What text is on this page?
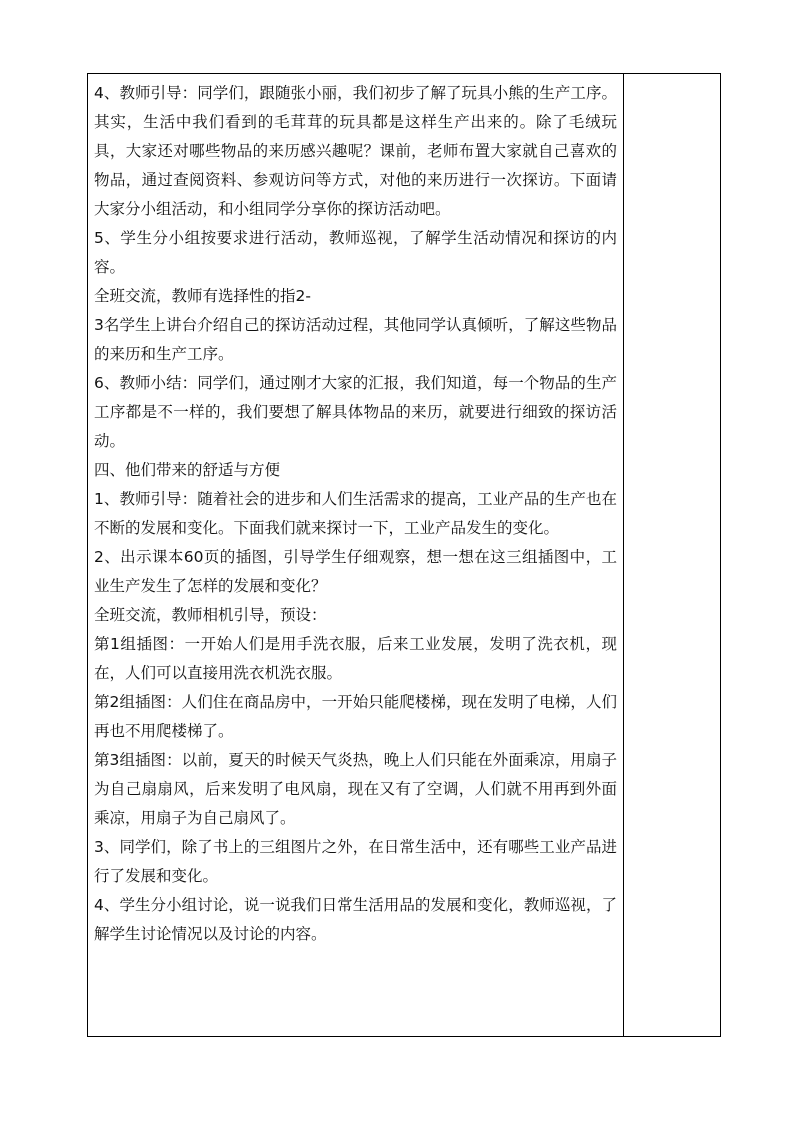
4、教师引导：同学们，跟随张小丽，我们初步了解了玩具小熊的生产工序。其实，生活中我们看到的毛茸茸的玩具都是这样生产出来的。除了毛绒玩具，大家还对哪些物品的来历感兴趣呢？课前，老师布置大家就自己喜欢的物品，通过查阅资料、参观访问等方式，对他的来历进行一次探访。下面请大家分小组活动，和小组同学分享你的探访活动吧。

5、学生分小组按要求进行活动，教师巡视，了解学生活动情况和探访的内容。

全班交流，教师有选择性的指2-

3名学生上讲台介绍自己的探访活动过程，其他同学认真倾听，了解这些物品的来历和生产工序。

6、教师小结：同学们，通过刚才大家的汇报，我们知道，每一个物品的生产工序都是不一样的，我们要想了解具体物品的来历，就要进行细致的探访活动。

四、他们带来的舒适与方便

1、教师引导：随着社会的进步和人们生活需求的提高，工业产品的生产也在不断的发展和变化。下面我们就来探讨一下，工业产品发生的变化。

2、出示课本60页的插图，引导学生仔细观察，想一想在这三组插图中，工业生产发生了怎样的发展和变化？

全班交流，教师相机引导，预设：

第1组插图：一开始人们是用手洗衣服，后来工业发展，发明了洗衣机，现在，人们可以直接用洗衣机洗衣服。

第2组插图：人们住在商品房中，一开始只能爬楼梯，现在发明了电梯，人们再也不用爬楼梯了。

第3组插图：以前，夏天的时候天气炎热，晚上人们只能在外面乘凉，用扇子为自己扇扇风，后来发明了电风扇，现在又有了空调，人们就不用再到外面乘凉，用扇子为自己扇风了。

3、同学们，除了书上的三组图片之外，在日常生活中，还有哪些工业产品进行了发展和变化。

4、学生分小组讨论，说一说我们日常生活用品的发展和变化，教师巡视，了解学生讨论情况以及讨论的内容。
